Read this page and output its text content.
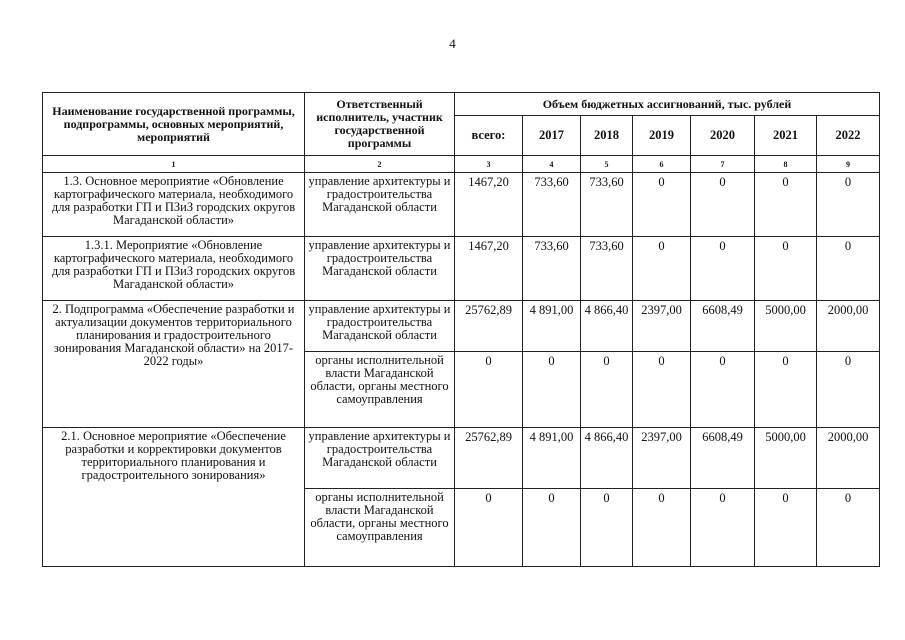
4
Наименование государственной программы, подпрограммы, основных мероприятий, мероприятий	Ответственный исполнитель, участник государственной программы	Объем бюджетных ассигнований, тыс. рублей						
		всего:	2017	2018	2019	2020	2021	2022
1	2	3	4	5	6	7	8	9
1.3. Основное мероприятие «Обновление картографического материала, необходимого для разработки ГП и ПЗиЗ городских округов Магаданской области»	управление архитектуры и градостроительства Магаданской области	1467,20	733,60	733,60	0	0	0	0
1.3.1. Мероприятие «Обновление картографического материала, необходимого для разработки ГП и ПЗиЗ городских округов Магаданской области»	управление архитектуры и градостроительства Магаданской области	1467,20	733,60	733,60	0	0	0	0
2. Подпрограмма «Обеспечение разработки и актуализации документов территориального планирования и градостроительного зонирования Магаданской области» на 2017-2022 годы»	управление архитектуры и градостроительства Магаданской области	25762,89	4 891,00	4 866,40	2397,00	6608,49	5000,00	2000,00
	органы исполнительной власти Магаданской области, органы местного самоуправления	0	0	0	0	0	0	0
2.1. Основное мероприятие «Обеспечение разработки и корректировки документов территориального планирования и градостроительного зонирования»	управление архитектуры и градостроительства Магаданской области	25762,89	4 891,00	4 866,40	2397,00	6608,49	5000,00	2000,00
	органы исполнительной власти Магаданской области, органы местного самоуправления	0	0	0	0	0	0	0
